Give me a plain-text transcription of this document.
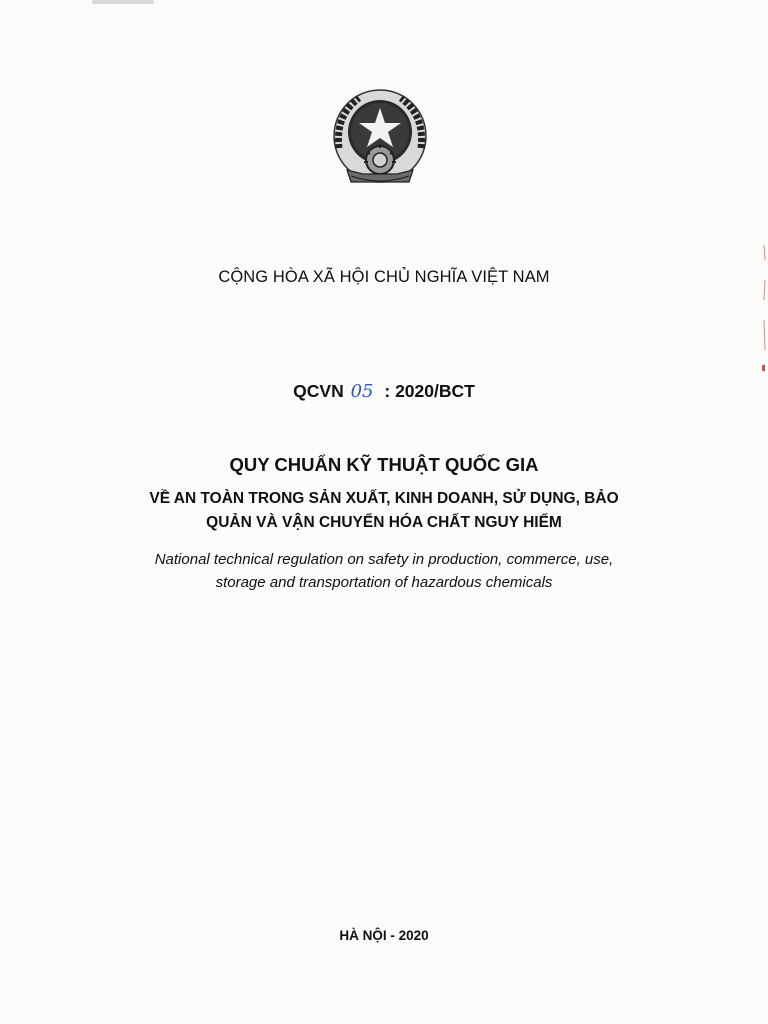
CỘNG HÒA XÃ HỘI CHỦ NGHĨA VIỆT NAM
QCVN 05 : 2020/BCT
QUY CHUẨN KỸ THUẬT QUỐC GIA
VỀ AN TOÀN TRONG SẢN XUẤT, KINH DOANH, SỬ DỤNG, BẢO
QUẢN VÀ VẬN CHUYỂN HÓA CHẤT NGUY HIỂM
National technical regulation on safety in production, commerce, use,
storage and transportation of hazardous chemicals
HÀ NỘI - 2020
